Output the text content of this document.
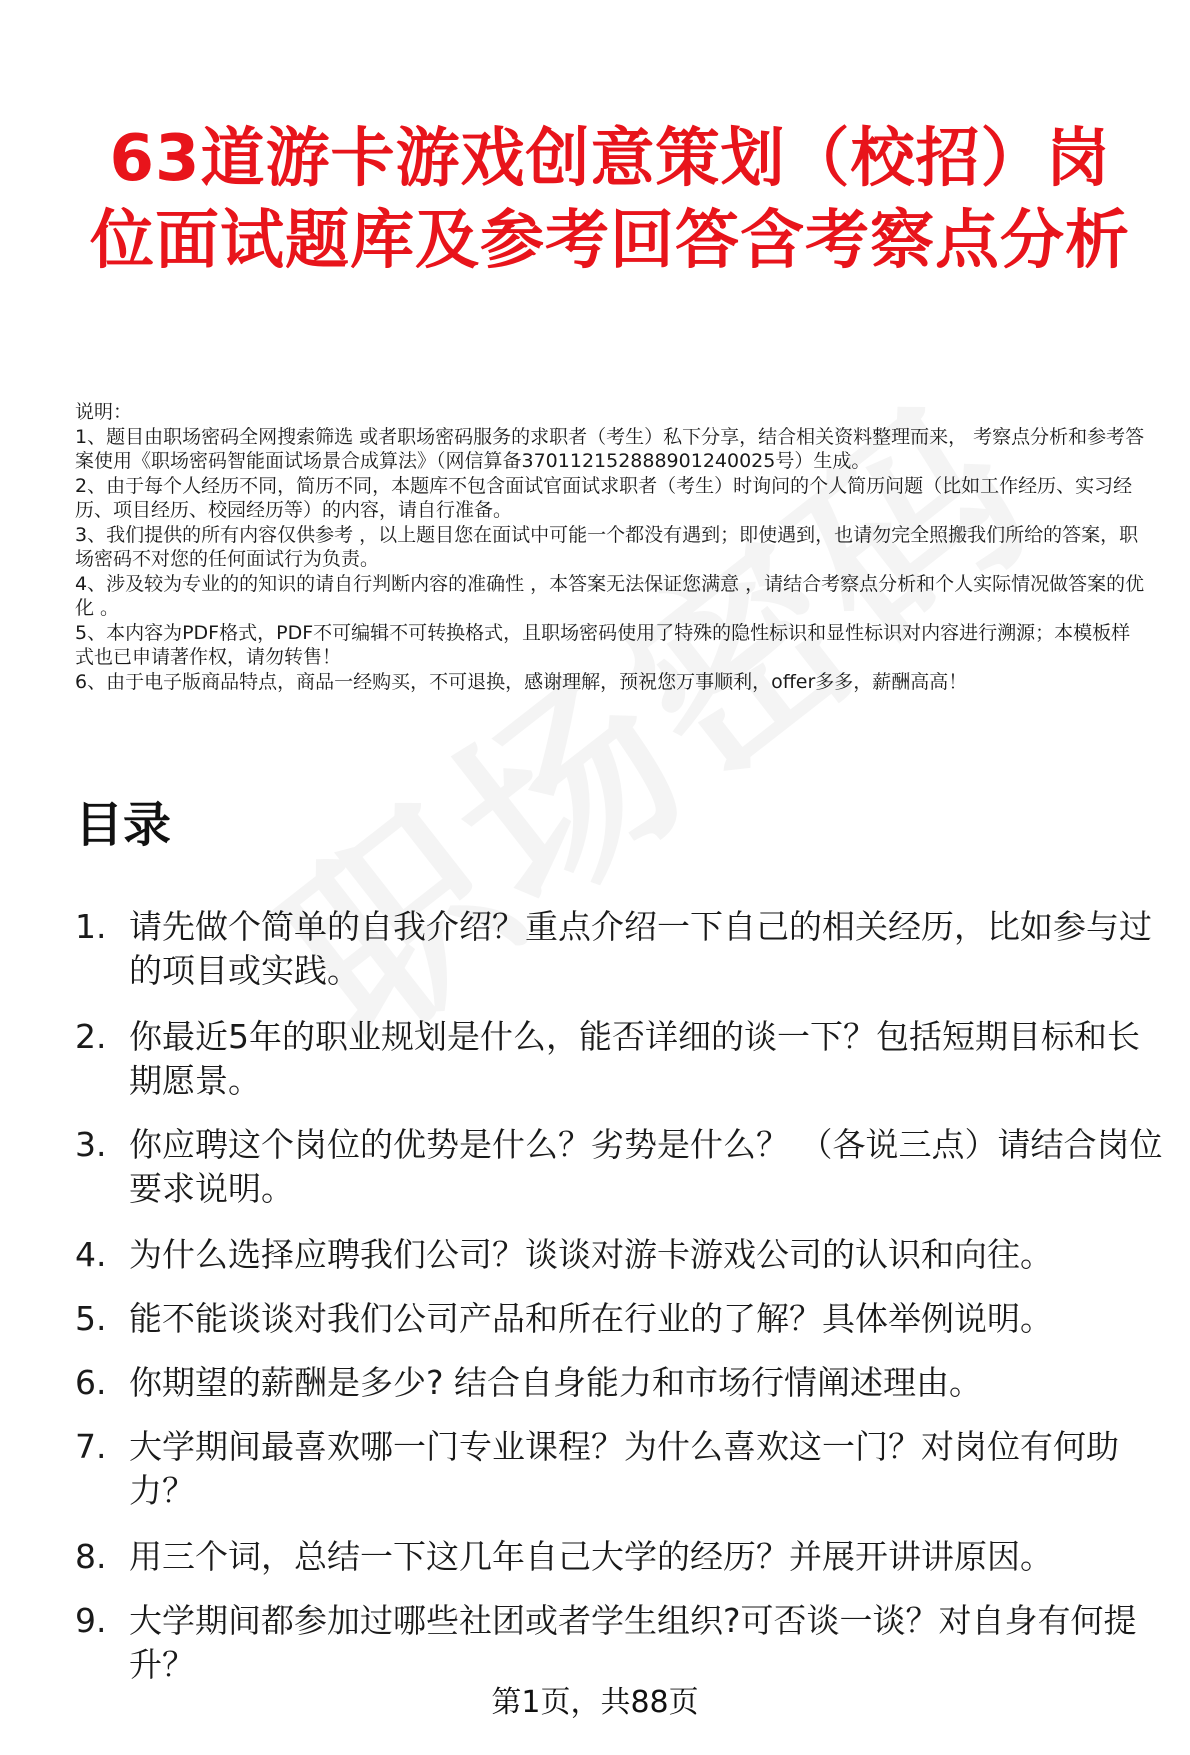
63道游卡游戏创意策划（校招）岗位面试题库及参考回答含考察点分析

说明：

1、题目由职场密码全网搜索筛选 或者职场密码服务的求职者（考生）私下分享，结合相关资料整理而来， 考察点分析和参考答案使用《职场密码智能面试场景合成算法》（网信算备370112152888901240025号）生成。

2、由于每个人经历不同，简历不同，本题库不包含面试官面试求职者（考生）时询问的个人简历问题（比如工作经历、实习经历、项目经历、校园经历等）的内容，请自行准备。

3、我们提供的所有内容仅供参考 ，以上题目您在面试中可能一个都没有遇到；即使遇到，也请勿完全照搬我们所给的答案，职场密码不对您的任何面试行为负责。

4、涉及较为专业的的知识的请自行判断内容的准确性 ，本答案无法保证您满意 ，请结合考察点分析和个人实际情况做答案的优化 。

5、本内容为PDF格式，PDF不可编辑不可转换格式，且职场密码使用了特殊的隐性标识和显性标识对内容进行溯源；本模板样式也已申请著作权，请勿转售！

6、由于电子版商品特点，商品一经购买，不可退换，感谢理解，预祝您万事顺利，offer多多，薪酬高高！

目录
1. 请先做个简单的自我介绍？重点介绍一下自己的相关经历，比如参与过的项目或实践。
2. 你最近5年的职业规划是什么，能否详细的谈一下？包括短期目标和长期愿景。
3. 你应聘这个岗位的优势是什么？劣势是什么？ （各说三点）请结合岗位要求说明。
4. 为什么选择应聘我们公司？谈谈对游卡游戏公司的认识和向往。
5. 能不能谈谈对我们公司产品和所在行业的了解？具体举例说明。
6. 你期望的薪酬是多少? 结合自身能力和市场行情阐述理由。
7. 大学期间最喜欢哪一门专业课程？为什么喜欢这一门？对岗位有何助力？
8. 用三个词，总结一下这几年自己大学的经历？并展开讲讲原因。
9. 大学期间都参加过哪些社团或者学生组织?可否谈一谈？对自身有何提升？
第1页，共88页
